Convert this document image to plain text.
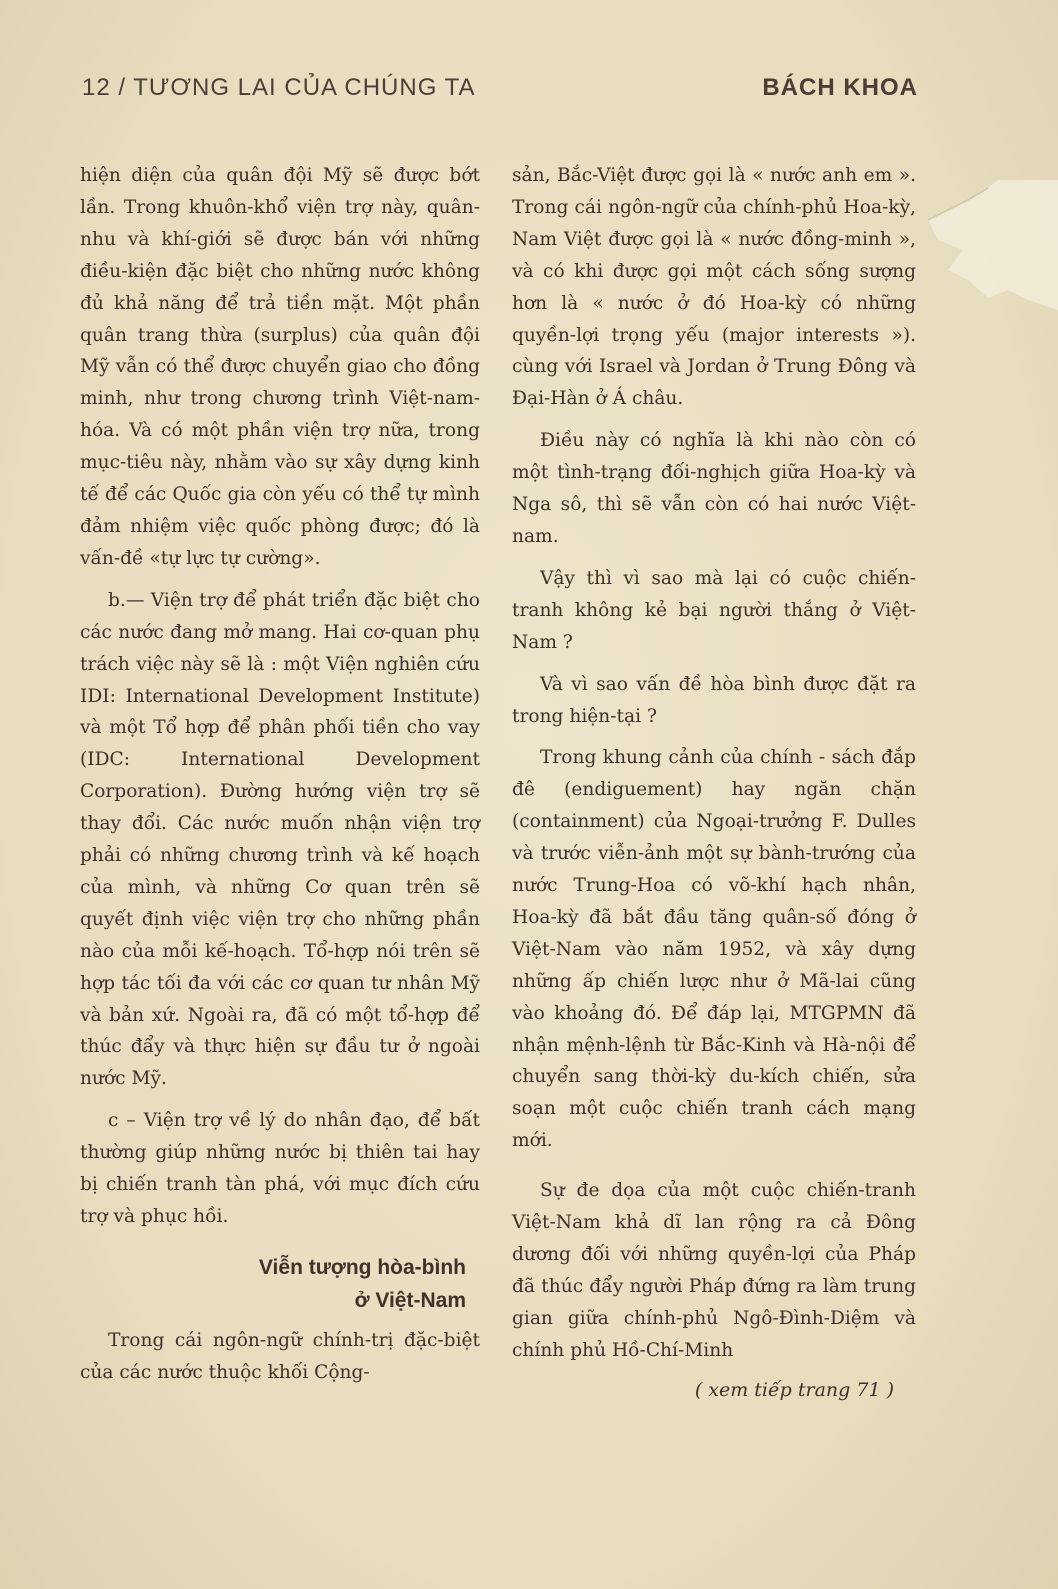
12 / TƯƠNG LAI CỦA CHÚNG TA	BÁCH KHOA

hiện diện của quân đội Mỹ sẽ được bớt lần. Trong khuôn-khổ viện trợ này, quân-nhu và khí-giới sẽ được bán với những điều-kiện đặc biệt cho những nước không đủ khả năng để trả tiền mặt. Một phần quân trang thừa (surplus) của quân đội Mỹ vẫn có thể được chuyển giao cho đồng minh, như trong chương trình Việt-nam-hóa. Và có một phần viện trợ nữa, trong mục-tiêu này, nhằm vào sự xây dựng kinh tế để các Quốc gia còn yếu có thể tự mình đảm nhiệm việc quốc phòng được; đó là vấn-đề «tự lực tự cường».

b.— Viện trợ để phát triển đặc biệt cho các nước đang mở mang. Hai cơ-quan phụ trách việc này sẽ là : một Viện nghiên cứu IDI: International Development Institute) và một Tổ hợp để phân phối tiền cho vay (IDC: International Development Corporation). Đường hướng viện trợ sẽ thay đổi. Các nước muốn nhận viện trợ phải có những chương trình và kế hoạch của mình, và những Cơ quan trên sẽ quyết định việc viện trợ cho những phần nào của mỗi kế-hoạch. Tổ-hợp nói trên sẽ hợp tác tối đa với các cơ quan tư nhân Mỹ và bản xứ. Ngoài ra, đã có một tổ-hợp để thúc đẩy và thực hiện sự đầu tư ở ngoài nước Mỹ.

c – Viện trợ về lý do nhân đạo, để bất thường giúp những nước bị thiên tai hay bị chiến tranh tàn phá, với mục đích cứu trợ và phục hồi.

Viễn tượng hòa-bình
ở Việt-Nam

Trong cái ngôn-ngữ chính-trị đặc-biệt của các nước thuộc khối Cộng-

sản, Bắc-Việt được gọi là « nước anh em ». Trong cái ngôn-ngữ của chính-phủ Hoa-kỳ, Nam Việt được gọi là « nước đồng-minh », và có khi được gọi một cách sống sượng hơn là « nước ở đó Hoa-kỳ có những quyền-lợi trọng yếu (major interests »). cùng với Israel và Jordan ở Trung Đông và Đại-Hàn ở Á châu.

Điều này có nghĩa là khi nào còn có một tình-trạng đối-nghịch giữa Hoa-kỳ và Nga sô, thì sẽ vẫn còn có hai nước Việt-nam.

Vậy thì vì sao mà lại có cuộc chiến-tranh không kẻ bại người thắng ở Việt-Nam ?

Và vì sao vấn đề hòa bình được đặt ra trong hiện-tại ?

Trong khung cảnh của chính - sách đắp đê (endiguement) hay ngăn chặn (containment) của Ngoại-trưởng F. Dulles và trước viễn-ảnh một sự bành-trướng của nước Trung-Hoa có võ-khí hạch nhân, Hoa-kỳ đã bắt đầu tăng quân-số đóng ở Việt-Nam vào năm 1952, và xây dựng những ấp chiến lược như ở Mã-lai cũng vào khoảng đó. Để đáp lại, MTGPMN đã nhận mệnh-lệnh từ Bắc-Kinh và Hà-nội để chuyển sang thời-kỳ du-kích chiến, sửa soạn một cuộc chiến tranh cách mạng mới.

Sự đe dọa của một cuộc chiến-tranh Việt-Nam khả dĩ lan rộng ra cả Đông dương đối với những quyền-lợi của Pháp đã thúc đẩy người Pháp đứng ra làm trung gian giữa chính-phủ Ngô-Đình-Diệm và chính phủ Hồ-Chí-Minh

( xem tiếp trang 71 )
